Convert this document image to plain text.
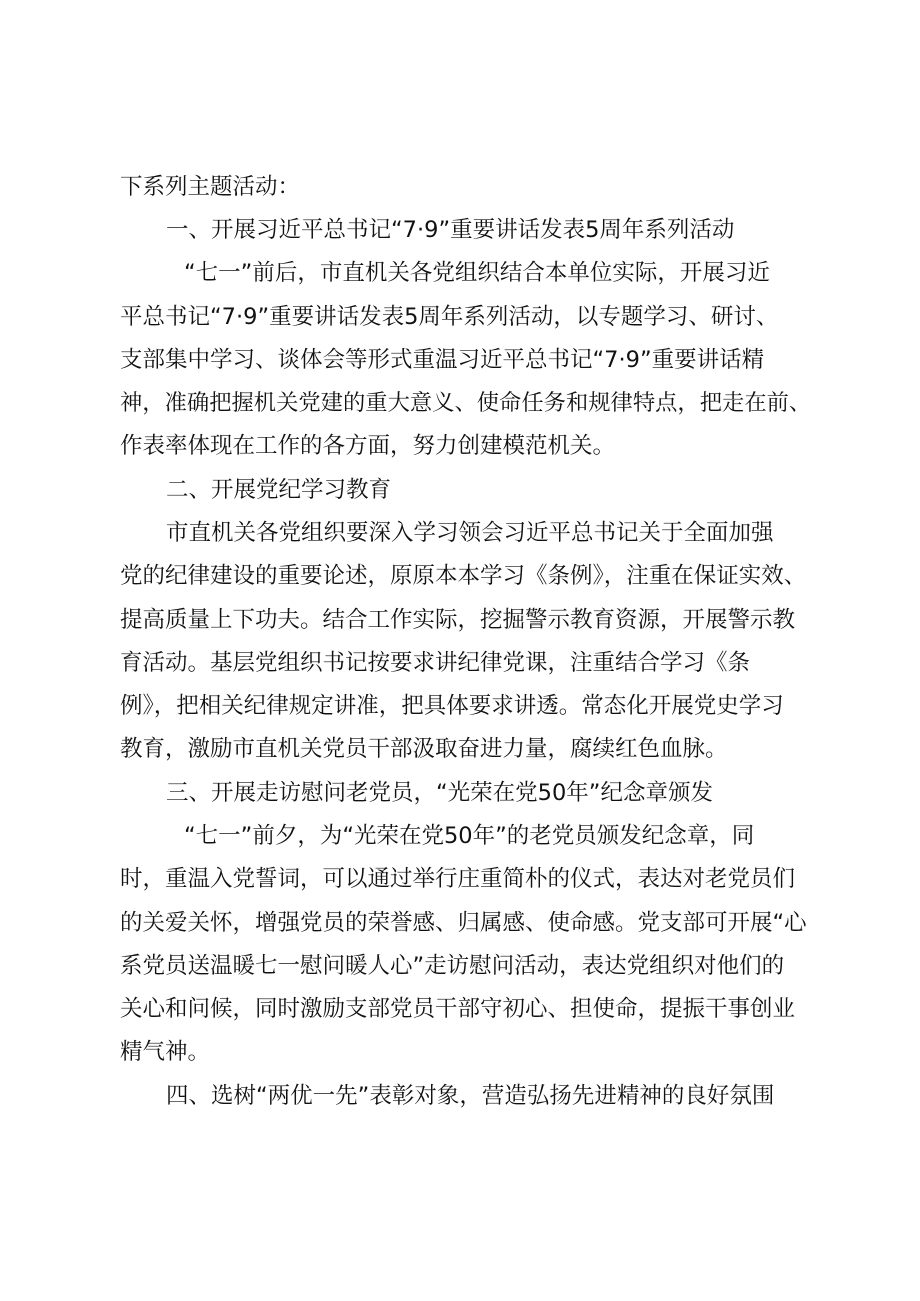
下系列主题活动：

一、开展习近平总书记“7·9”重要讲话发表5周年系列活动

“七一”前后，市直机关各党组织结合本单位实际，开展习近

平总书记“7·9”重要讲话发表5周年系列活动，以专题学习、研讨、

支部集中学习、谈体会等形式重温习近平总书记“7·9”重要讲话精

神，准确把握机关党建的重大意义、使命任务和规律特点，把走在前、

作表率体现在工作的各方面，努力创建模范机关。

二、开展党纪学习教育

市直机关各党组织要深入学习领会习近平总书记关于全面加强

党的纪律建设的重要论述，原原本本学习《条例》，注重在保证实效、

提高质量上下功夫。结合工作实际，挖掘警示教育资源，开展警示教

育活动。基层党组织书记按要求讲纪律党课，注重结合学习《条

例》，把相关纪律规定讲准，把具体要求讲透。常态化开展党史学习

教育，激励市直机关党员干部汲取奋进力量，腐续红色血脉。

三、开展走访慰问老党员，“光荣在党50年”纪念章颁发

“七一”前夕，为“光荣在党50年”的老党员颁发纪念章，同

时，重温入党誓词，可以通过举行庄重简朴的仪式，表达对老党员们

的关爱关怀，增强党员的荣誉感、归属感、使命感。党支部可开展“心

系党员送温暖七一慰问暖人心”走访慰问活动，表达党组织对他们的

关心和问候，同时激励支部党员干部守初心、担使命，提振干事创业

精气神。

四、选树“两优一先”表彰对象，营造弘扬先进精神的良好氛围
